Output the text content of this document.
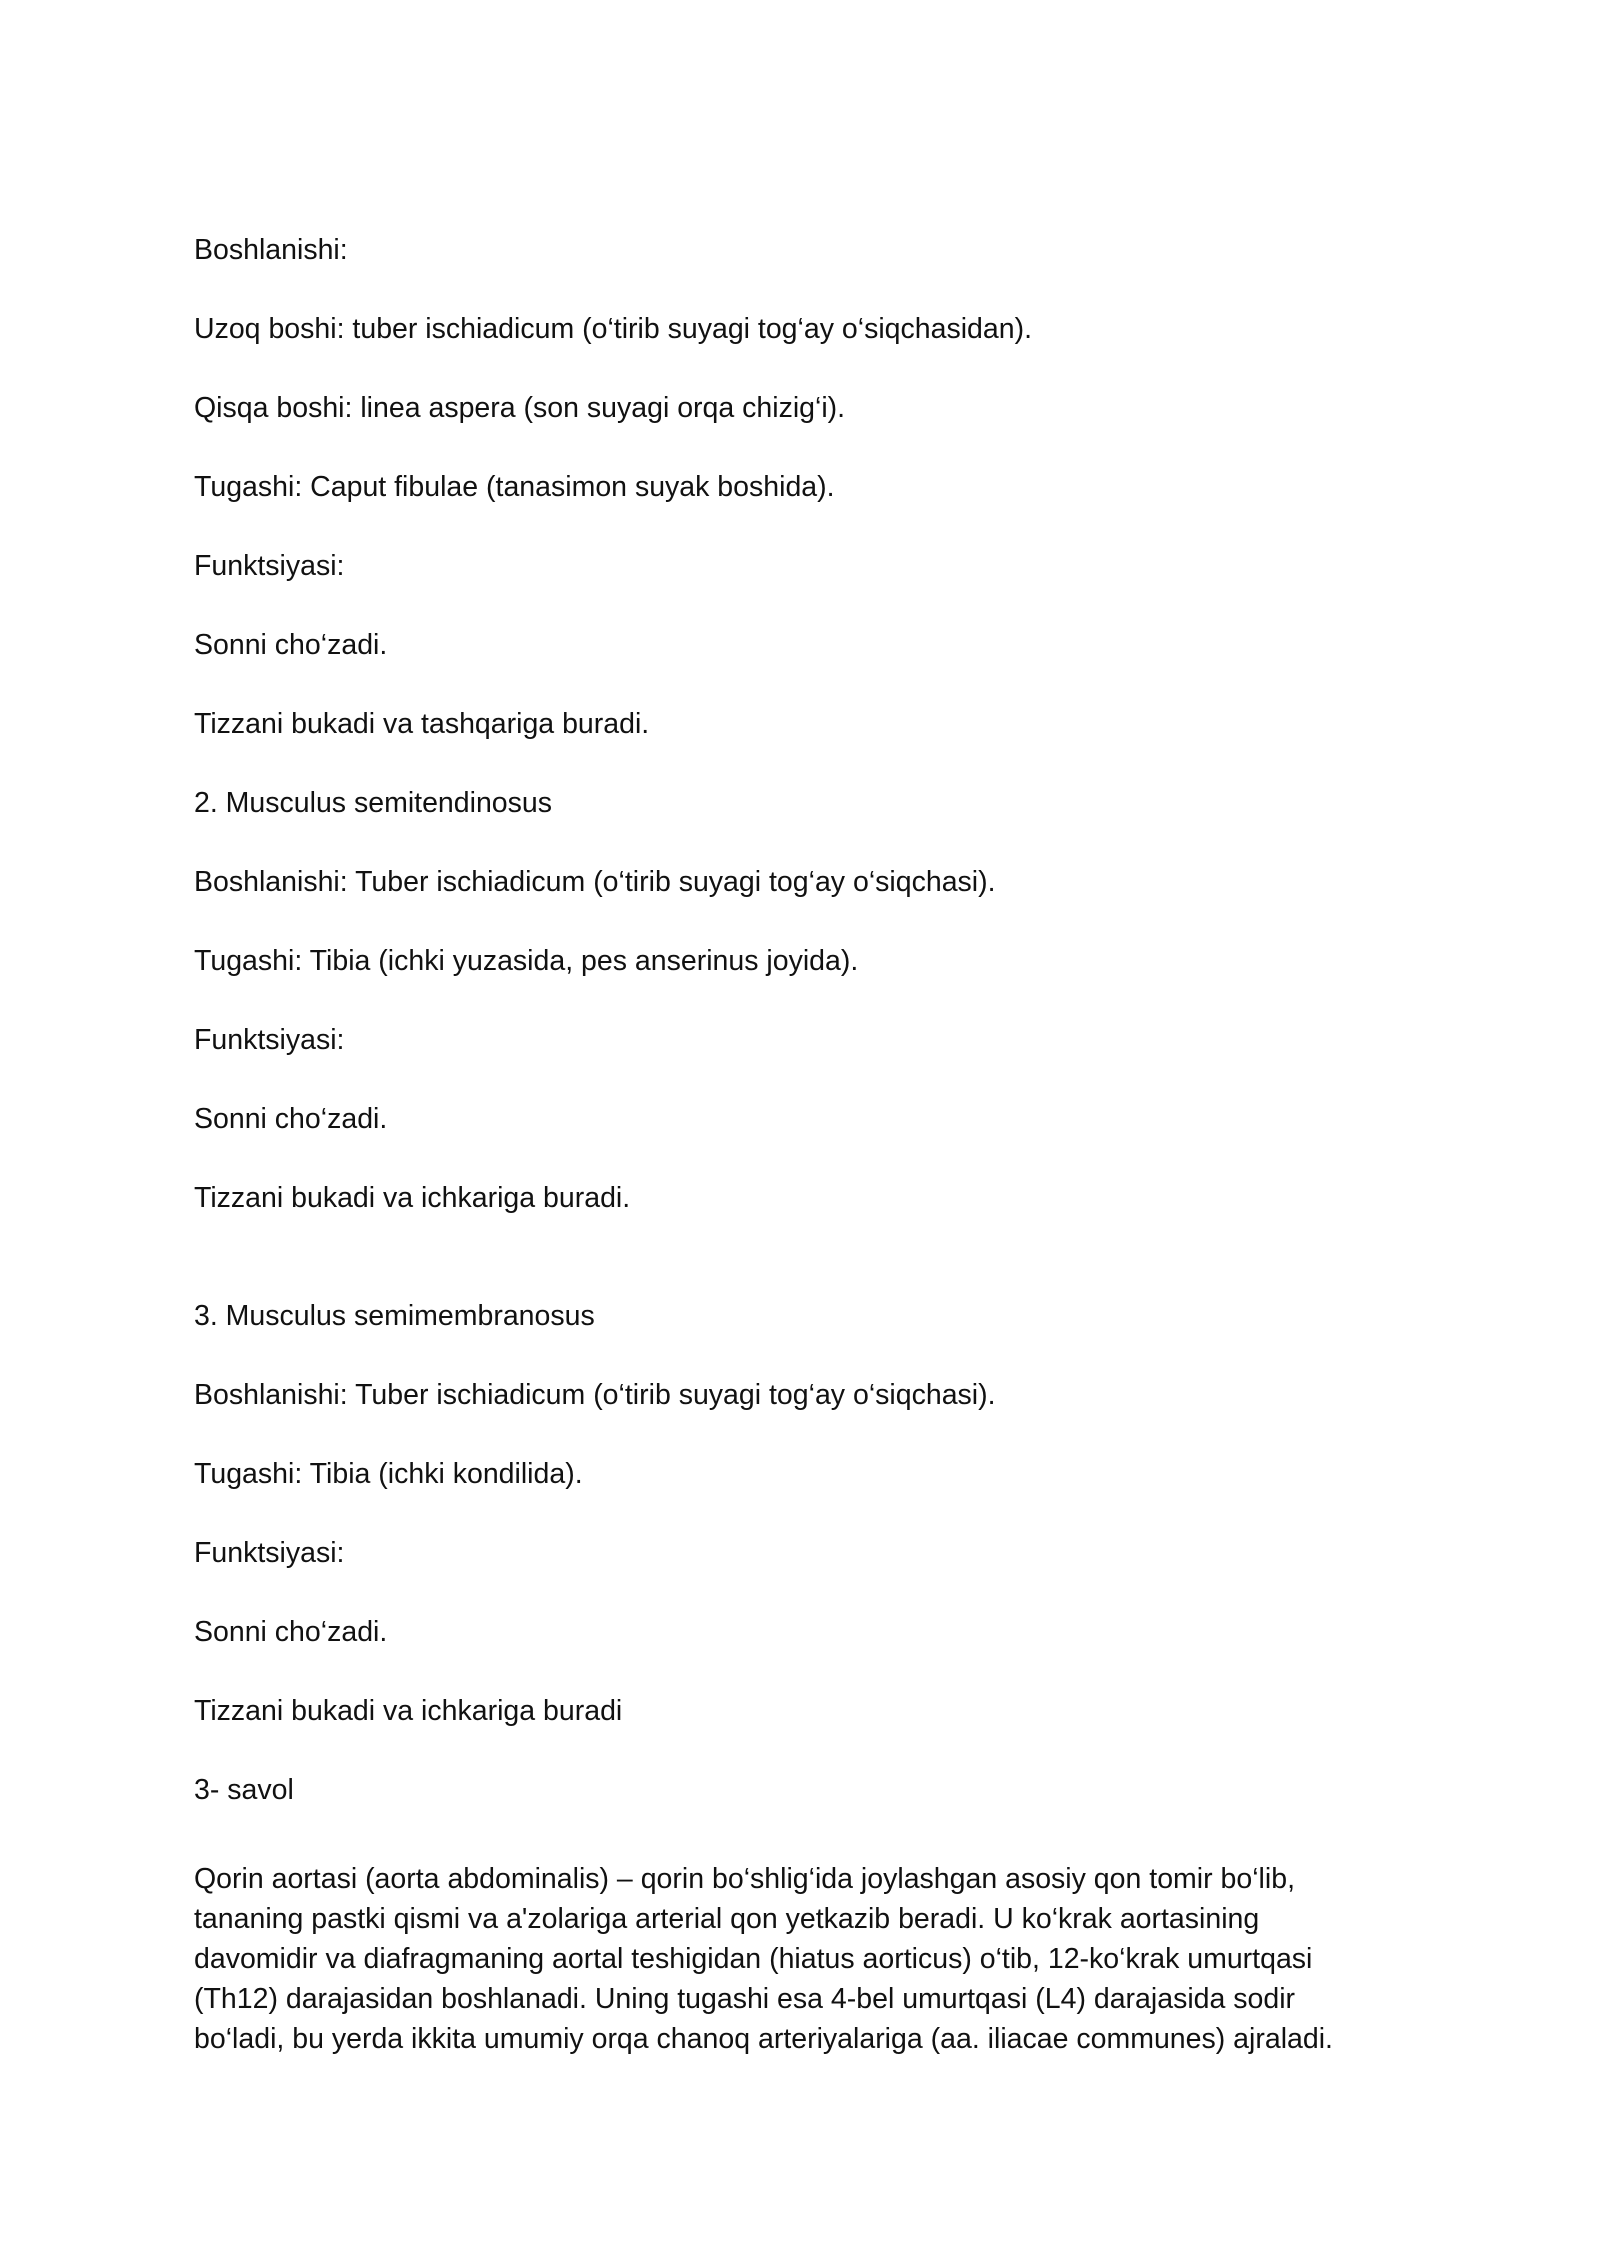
Boshlanishi:
Uzoq boshi: tuber ischiadicum (o‘tirib suyagi tog‘ay o‘siqchasidan).
Qisqa boshi: linea aspera (son suyagi orqa chizig‘i).
Tugashi: Caput fibulae (tanasimon suyak boshida).
Funktsiyasi:
Sonni cho‘zadi.
Tizzani bukadi va tashqariga buradi.
2. Musculus semitendinosus
Boshlanishi: Tuber ischiadicum (o‘tirib suyagi tog‘ay o‘siqchasi).
Tugashi: Tibia (ichki yuzasida, pes anserinus joyida).
Funktsiyasi:
Sonni cho‘zadi.
Tizzani bukadi va ichkariga buradi.
3. Musculus semimembranosus
Boshlanishi: Tuber ischiadicum (o‘tirib suyagi tog‘ay o‘siqchasi).
Tugashi: Tibia (ichki kondilida).
Funktsiyasi:
Sonni cho‘zadi.
Tizzani bukadi va ichkariga buradi
3- savol
Qorin aortasi (aorta abdominalis) – qorin bo‘shlig‘ida joylashgan asosiy qon tomir bo‘lib,
tananing pastki qismi va a'zolariga arterial qon yetkazib beradi. U ko‘krak aortasining
davomidir va diafragmaning aortal teshigidan (hiatus aorticus) o‘tib, 12-ko‘krak umurtqasi
(Th12) darajasidan boshlanadi. Uning tugashi esa 4-bel umurtqasi (L4) darajasida sodir
bo‘ladi, bu yerda ikkita umumiy orqa chanoq arteriyalariga (aa. iliacae communes) ajraladi.
